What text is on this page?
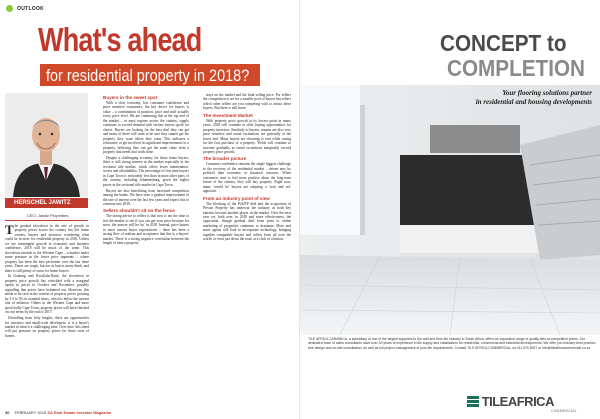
OUTLOOK
What's ahead
for residential property in 2018?
HERSCHEL JAWITZ
CEO, Jawitz Properties

The gradual slowdown in the rate of growth in property prices across the country has left home owners, buyers and investors wondering what could be in store for residential property in 2018. Unless we see meaningful growth in economic and business confidence, 2018 will be much of the same. This slowdown extends to the Western Cape – a market under some pressure in the lower price segments – where property has been the best performer over the last three years. Times are tough, but not as bad as many think, and there is still plenty of room for home buyers.

In Gauteng and KwaZulu-Natal, the slowdown in property price growth has coincided with a marginal uptick in prices in October and November, possibly signalling that prices have bottomed out. However, this needs to be seen in the context of property prices growing by 3.5 to 5% in nominal terms, which is below the current rate of inflation. Others in the Western Cape and more specifically Cape Town, property prices will have finished on real terms by the end of 2017.

Dwindling from lofty heights, there are opportunities for investors and small-scale developers; it is a buyer's market in what is a challenging time. Over time, this trend will put pressure on property prices for those sorts of homes.

Buyers in the sweet spot

With a slow economy, low consumer confidence and price sensitive consumers, the key driver for buyers is value – a combination of position, price and stuff actually every price level. We are continuing this at the top end of the market – in most regions across the country, supply continues to exceed demand with serious buyers spoilt for choice. Buyers are looking for the best deal they can get and many of these will want to be sure they cannot get the property they want where they want. This indicates a reluctance to get involved in significant improvements to a property, believing they can get the same value from a property that needs that work done.

Despite a challenging economy for those home buyers, there is still strong interest in the market especially in the sectional title market, which offers lower maintenance, access and affordability. The percentage of first time buyers in Cape Town is noticeably less than in most other parts of the country, including Johannesburg, given the higher prices in the sectional title market in Cape Town.

Buyers are also benefitting from increased competition among the banks. We have seen a gradual improvement in the rate of interest over the last few years and expect this to continue into 2018.

Sellers shouldn't sit on the fence

The strong advice to sellers is that now is not the time to test the market to see if you can get your price because for most, the answer will be 'no' in 2018. Instead, price homes to meet current buyer expectations – there has been a strong flow of realism and acceptance that this is a buyers' market. There is a strong negative correlation between the length of time a property

stays on the market and the final selling price. For sellers the competition is set for a smaller pool of buyers but sellers which other sellers are you competing with to attract these buyers. But there is still more.

The Investment Market

With property price growth at its lowest point in many years, 2018 will continue to offer buying opportunities for property investors. Similarly to buyers, tenants are also very price sensitive and rental escalations are generally at the lower end. Many buyers are choosing to rent while saving for the first purchase of a property. Yields will continue to increase gradually as rental escalations marginally exceed property price growth.

The broader picture

Consumer confidence remains the single biggest challenge to the recovery of the residential market – driven now by political than economic or financial concerns. When consumers start to feel more positive about the long-term future of the country, they will buy property. Right now, many 'would be' buyers are adopting a 'wait and see' approach.

From an industry point of view

The blocking of the P24/P.P deal and the acquisition of Private Property has undercut the industry as both key entrants become another player in the market. Over the next year we, both over, in 2018 and more effectiveness, the opposition, though gradual shift from print to online marketing of properties continues to dominate. More and more agents will look to incorporate technology, bringing together compatible buyers and sellers from all over the world, or even just down the road, at a click of a button.

30 FEBRUARY 2018 SA Real Estate Investor Magazine
CONCEPT to
COMPLETION
Your flooring solutions partner
in residential and housing developments
TILE AFRICA CARAMICA, a subsidiary of one of the largest suppliers to the wall and floor tile industry in South Africa, offers an expansive range of quality tiles at competitive prices. Our dedicated team of sales consultants have over 30 years of experience in tile supply and installations for residential, commercial and industrial developments. We offer you industry best practice, free design and on-site consultation, as well as full project management of your tile requirements. Contact TILE AFRICA COMMERCIAL on 011 976 8927 or info@tileafricacommercial.co.za
TILEAFRICA
COMMERCIAL
